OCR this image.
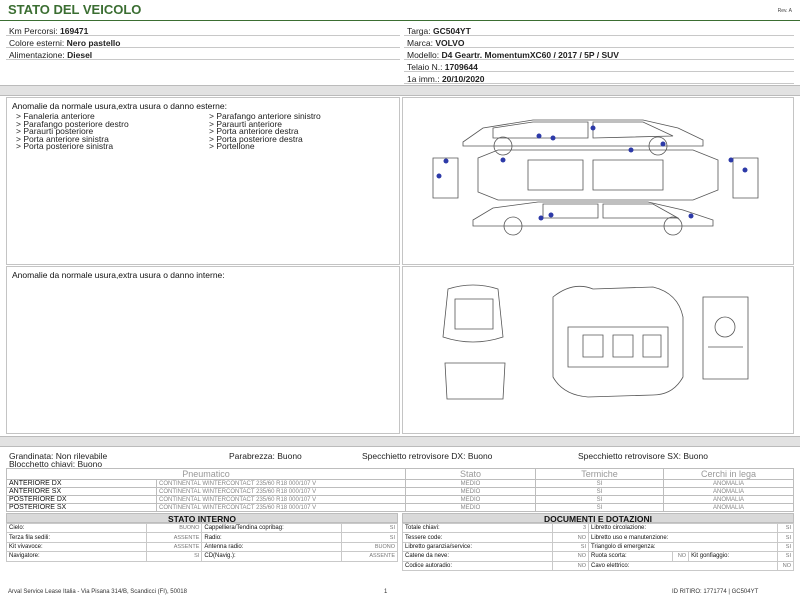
STATO DEL VEICOLO	Rev. A
Km Percorsi: 169471
Colore esterni: Nero pastello
Alimentazione: Diesel
Targa: GC504YT
Marca: VOLVO
Modello: D4 Geartr. MomentumXC60 / 2017 / 5P / SUV
Telaio N.: 1709644
1a imm.: 20/10/2020
Anomalie da normale usura,extra usura o danno esterne:
> Fanaleria anteriore
> Parafango posteriore destro
> Paraurti posteriore
> Porta anteriore sinistra
> Porta posteriore sinistra
> Parafango anteriore sinistro
> Paraurti anteriore
> Porta anteriore destra
> Porta posteriore destra
> Portellone
Anomalie da normale usura,extra usura o danno interne:
Grandinata: Non rilevabile	Parabrezza: Buono	Specchietto retrovisore DX: Buono	Specchietto retrovisore SX: Buono
Blocchetto chiavi: Buono
Pneumatico		Stato	Termiche	Cerchi in lega
ANTERIORE DX	CONTINENTAL WINTERCONTACT 235/60 R18 000/107 V	MEDIO	SI	ANOMALIA
ANTERIORE SX	CONTINENTAL WINTERCONTACT 235/60 R18 000/107 V	MEDIO	SI	ANOMALIA
POSTERIORE DX	CONTINENTAL WINTERCONTACT 235/60 R18 000/107 V	MEDIO	SI	ANOMALIA
POSTERIORE SX	CONTINENTAL WINTERCONTACT 235/60 R18 000/107 V	MEDIO	SI	ANOMALIA
STATO INTERNO
Cielo:	BUONO	Cappelliera/Tendina copribag:	SI
Terza fila sedili:	ASSENTE	Radio:	SI
Kit vivavoce:	ASSENTE	Antenna radio:	BUONO
Navigatore:	SI	CD(Navig.):	ASSENTE
DOCUMENTI E DOTAZIONI
Totale chiavi:	3	Libretto circolazione:			SI
Tessere code:	NO	Libretto uso e manutenzione:			SI
Libretto garanzia/service:	SI	Triangolo di emergenza:			SI
Catene da neve:	NO	Ruota scorta:	NO	Kit gonfiaggio:	SI
Codice autoradio:	NO	Cavo elettrico:			NO
Arval Service Lease Italia - Via Pisana 314/B, Scandicci (FI), 50018	1	ID RITIRO: 1771774 | GC504YT
